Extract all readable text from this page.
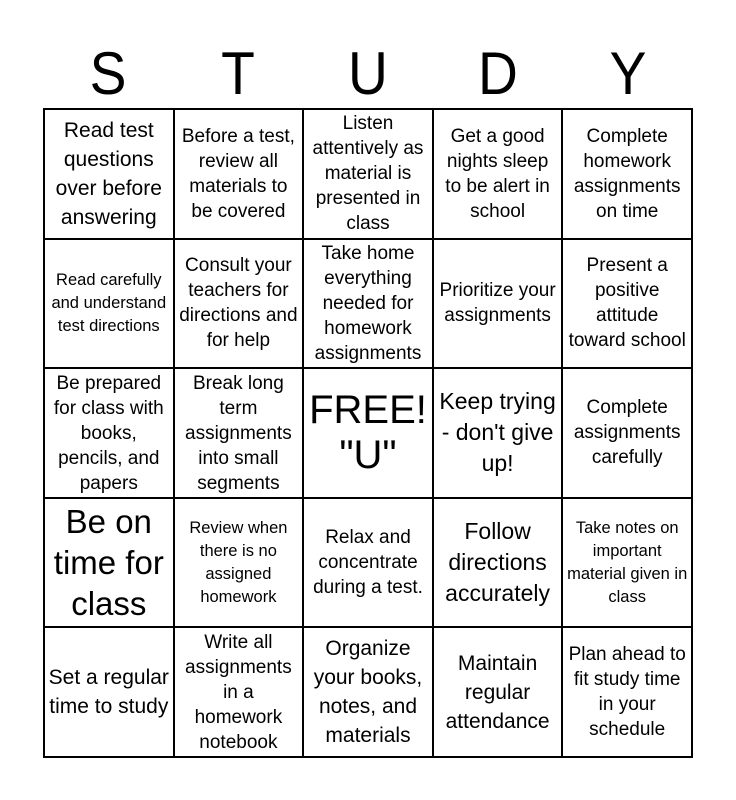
S	T	U	D	Y
Read test questions over before answering
Before a test, review all materials to be covered
Listen attentively as material is presented in class
Get a good nights sleep to be alert in school
Complete homework assignments on time
Read carefully and understand test directions
Consult your teachers for directions and for help
Take home everything needed for homework assignments
Prioritize your assignments
Present a positive attitude toward school
Be prepared for class with books, pencils, and papers
Break long term assignments into small segments
FREE! "U"
Keep trying - don't give up!
Complete assignments carefully
Be on time for class
Review when there is no assigned homework
Relax and concentrate during a test.
Follow directions accurately
Take notes on important material given in class
Set a regular time to study
Write all assignments in a homework notebook
Organize your books, notes, and materials
Maintain regular attendance
Plan ahead to fit study time in your schedule
